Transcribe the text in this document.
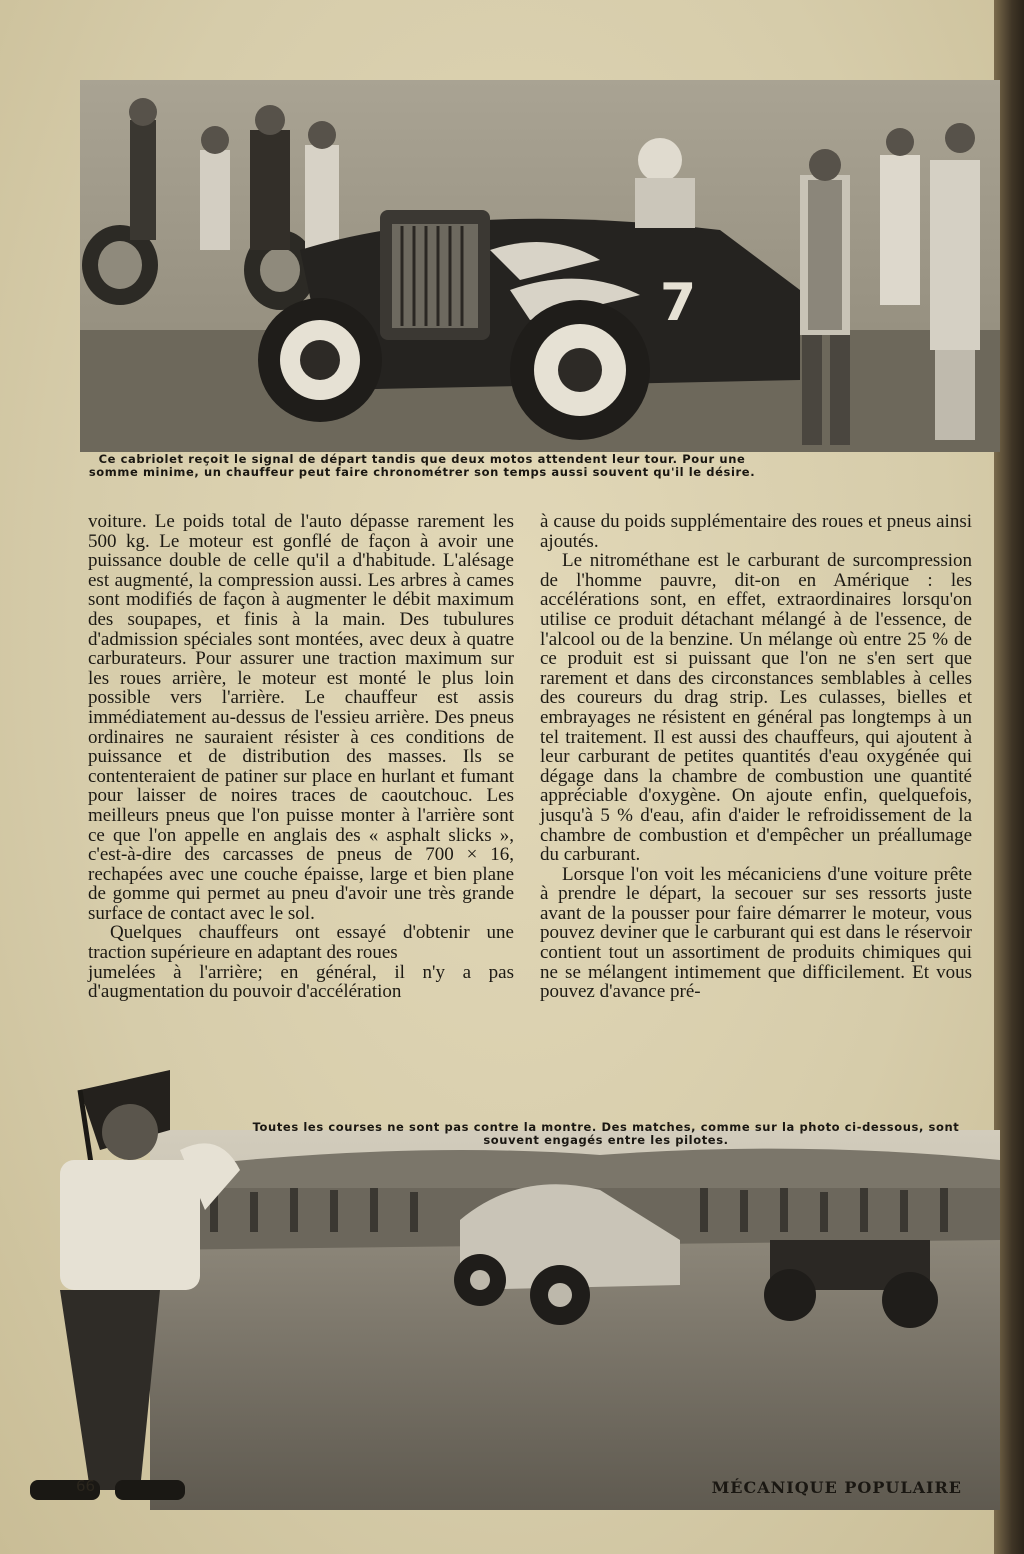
7
Ce cabriolet reçoit le signal de départ tandis que deux motos attendent leur tour. Pour une somme minime, un chauffeur peut faire chronométrer son temps aussi souvent qu'il le désire.

voiture. Le poids total de l'auto dépasse rarement les 500 kg. Le moteur est gonflé de façon à avoir une puissance double de celle qu'il a d'habitude. L'alésage est augmenté, la compression aussi. Les arbres à cames sont modifiés de façon à augmenter le débit maximum des soupapes, et finis à la main. Des tubulures d'admission spéciales sont montées, avec deux à quatre carburateurs. Pour assurer une traction maximum sur les roues arrière, le moteur est monté le plus loin possible vers l'arrière. Le chauffeur est assis immédiatement au-dessus de l'essieu arrière. Des pneus ordinaires ne sauraient résister à ces conditions de puissance et de distribution des masses. Ils se contenteraient de patiner sur place en hurlant et fumant pour laisser de noires traces de caoutchouc. Les meilleurs pneus que l'on puisse monter à l'arrière sont ce que l'on appelle en anglais des « asphalt slicks », c'est-à-dire des carcasses de pneus de 700 × 16, rechapées avec une couche épaisse, large et bien plane de gomme qui permet au pneu d'avoir une très grande surface de contact avec le sol.

Quelques chauffeurs ont essayé d'obtenir une traction supérieure en adaptant des roues

jumelées à l'arrière; en général, il n'y a pas d'augmentation du pouvoir d'accélération

à cause du poids supplémentaire des roues et pneus ainsi ajoutés.

Le nitrométhane est le carburant de surcompression de l'homme pauvre, dit-on en Amérique : les accélérations sont, en effet, extraordinaires lorsqu'on utilise ce produit détachant mélangé à de l'essence, de l'alcool ou de la benzine. Un mélange où entre 25 % de ce produit est si puissant que l'on ne s'en sert que rarement et dans des circonstances semblables à celles des coureurs du drag strip. Les culasses, bielles et embrayages ne résistent en général pas longtemps à un tel traitement. Il est aussi des chauffeurs, qui ajoutent à leur carburant de petites quantités d'eau oxygénée qui dégage dans la chambre de combustion une quantité appréciable d'oxygène. On ajoute enfin, quelquefois, jusqu'à 5 % d'eau, afin d'aider le refroidissement de la chambre de combustion et d'empêcher un préallumage du carburant.

Lorsque l'on voit les mécaniciens d'une voiture prête à prendre le départ, la secouer sur ses ressorts juste avant de la pousser pour faire démarrer le moteur, vous pouvez deviner que le carburant qui est dans le réservoir contient tout un assortiment de produits chimiques qui ne se mélangent intimement que difficilement. Et vous pouvez d'avance pré-

Toutes les courses ne sont pas contre la montre. Des matches, comme sur la photo ci-dessous, sont souvent engagés entre les pilotes.
66	MÉCANIQUE POPULAIRE
